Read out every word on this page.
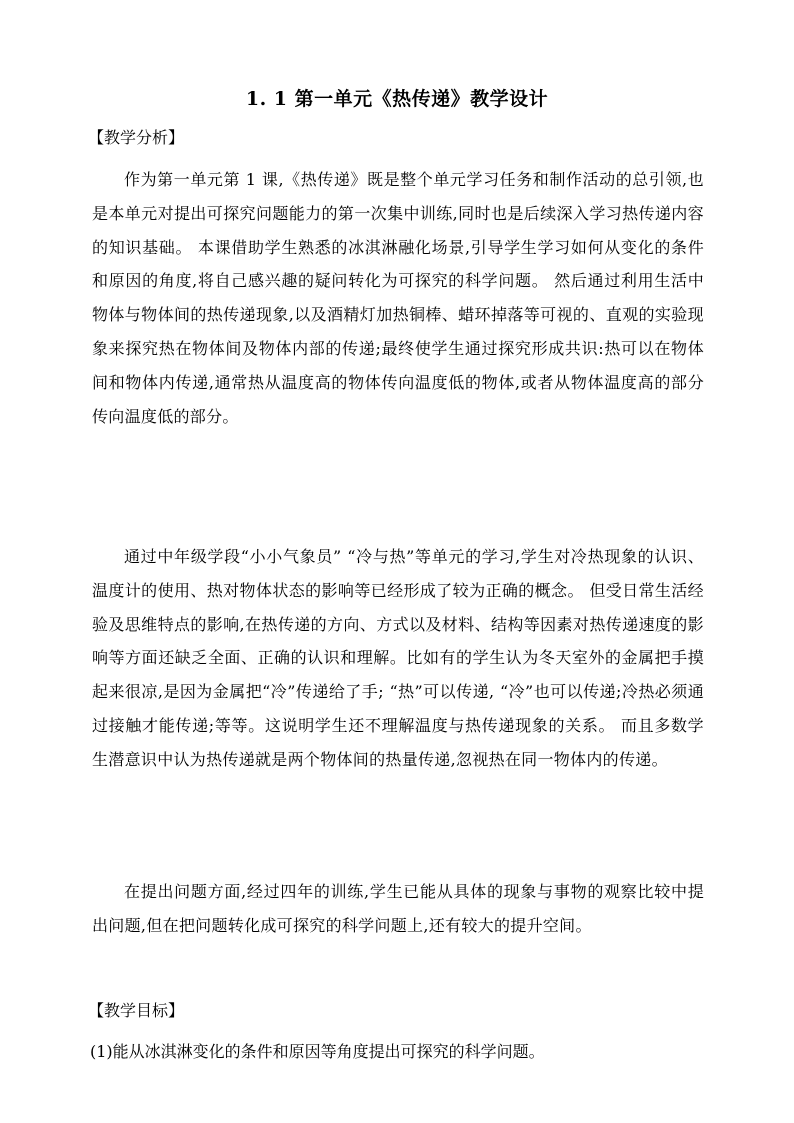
1. 1 第一单元《热传递》教学设计
【教学分析】

作为第一单元第 1 课,《热传递》既是整个单元学习任务和制作活动的总引领,也是本单元对提出可探究问题能力的第一次集中训练,同时也是后续深入学习热传递内容的知识基础。 本课借助学生熟悉的冰淇淋融化场景,引导学生学习如何从变化的条件和原因的角度,将自己感兴趣的疑问转化为可探究的科学问题。 然后通过利用生活中物体与物体间的热传递现象,以及酒精灯加热铜棒、蜡环掉落等可视的、直观的实验现象来探究热在物体间及物体内部的传递;最终使学生通过探究形成共识:热可以在物体间和物体内传递,通常热从温度高的物体传向温度低的物体,或者从物体温度高的部分传向温度低的部分。

通过中年级学段“小小气象员” “冷与热”等单元的学习,学生对冷热现象的认识、温度计的使用、热对物体状态的影响等已经形成了较为正确的概念。 但受日常生活经验及思维特点的影响,在热传递的方向、方式以及材料、结构等因素对热传递速度的影响等方面还缺乏全面、正确的认识和理解。比如有的学生认为冬天室外的金属把手摸起来很凉,是因为金属把“冷”传递给了手; “热”可以传递, “冷”也可以传递;冷热必须通过接触才能传递;等等。这说明学生还不理解温度与热传递现象的关系。 而且多数学生潜意识中认为热传递就是两个物体间的热量传递,忽视热在同一物体内的传递。

在提出问题方面,经过四年的训练,学生已能从具体的现象与事物的观察比较中提出问题,但在把问题转化成可探究的科学问题上,还有较大的提升空间。

【教学目标】
(1)能从冰淇淋变化的条件和原因等角度提出可探究的科学问题。
